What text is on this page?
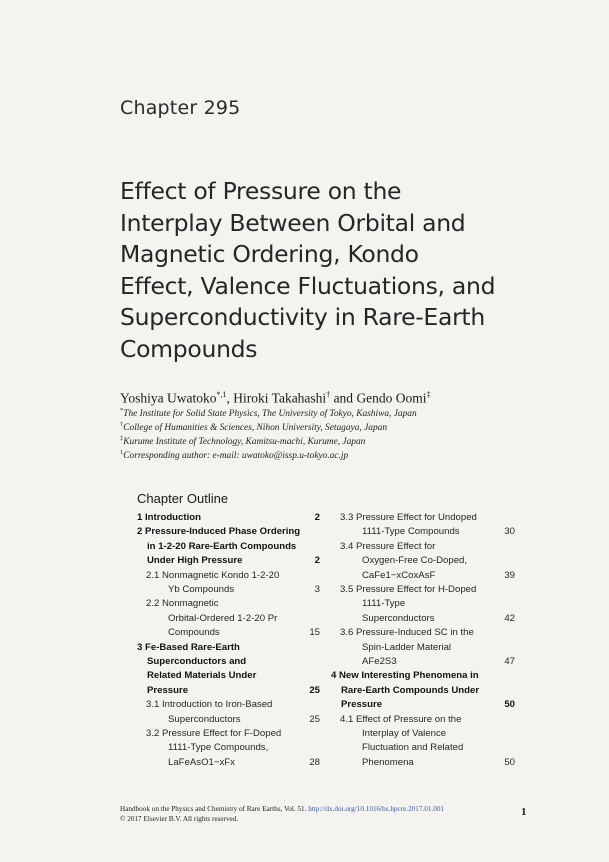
Chapter 295
Effect of Pressure on the
Interplay Between Orbital and
Magnetic Ordering, Kondo
Effect, Valence Fluctuations, and
Superconductivity in Rare-Earth
Compounds
Yoshiya Uwatoko$^{*,1}$, Hiroki Takahashi† and Gendo Oomi‡
*The Institute for Solid State Physics, The University of Tokyo, Kashiwa, Japan
†College of Humanities & Sciences, Nihon University, Setagaya, Japan
‡Kurume Institute of Technology, Kamitsu-machi, Kurume, Japan
$^1$Corresponding author: e-mail: uwatoko@issp.u-tokyo.ac.jp
Chapter Outline
1 Introduction	2
2 Pressure-Induced Phase Ordering
in 1-2-20 Rare-Earth Compounds
Under High Pressure	2
2.1 Nonmagnetic Kondo 1-2-20
Yb Compounds	3
2.2 Nonmagnetic
Orbital-Ordered 1-2-20 Pr
Compounds	15
3 Fe-Based Rare-Earth
Superconductors and
Related Materials Under
Pressure	25
3.1 Introduction to Iron-Based
Superconductors	25
3.2 Pressure Effect for F-Doped
1111-Type Compounds,
LaFeAsO1−xFx	28
3.3 Pressure Effect for Undoped
1111-Type Compounds	30
3.4 Pressure Effect for
Oxygen-Free Co-Doped,
CaFe1−xCoxAsF	39
3.5 Pressure Effect for H-Doped
1111-Type
Superconductors	42
3.6 Pressure-Induced SC in the
Spin-Ladder Material
AFe2S3	47
4 New Interesting Phenomena in
Rare-Earth Compounds Under
Pressure	50
4.1 Effect of Pressure on the
Interplay of Valence
Fluctuation and Related
Phenomena	50
Handbook on the Physics and Chemistry of Rare Earths, Vol. 51. http://dx.doi.org/10.1016/bs.hpcre.2017.01.001
© 2017 Elsevier B.V. All rights reserved.
1
